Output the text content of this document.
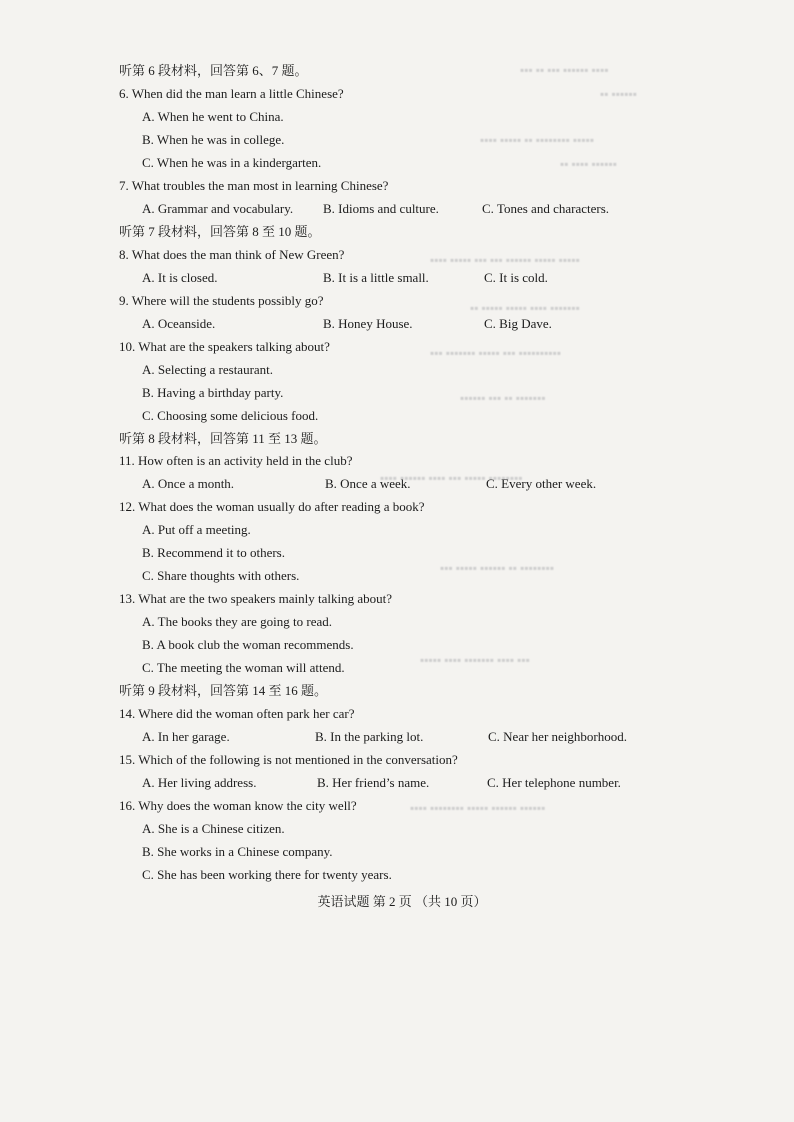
▪▪▪ ▪▪ ▪▪▪ ▪▪▪▪▪▪ ▪▪▪▪
▪▪ ▪▪▪▪▪▪
▪▪▪▪ ▪▪▪▪▪ ▪▪ ▪▪▪▪▪▪▪▪ ▪▪▪▪▪
▪▪ ▪▪▪▪ ▪▪▪▪▪▪
▪▪▪▪ ▪▪▪▪▪ ▪▪▪ ▪▪▪ ▪▪▪▪▪▪ ▪▪▪▪▪ ▪▪▪▪▪
▪▪ ▪▪▪▪▪ ▪▪▪▪▪ ▪▪▪▪ ▪▪▪▪▪▪▪
▪▪▪ ▪▪▪▪▪▪▪ ▪▪▪▪▪ ▪▪▪ ▪▪▪▪▪▪▪▪▪▪
▪▪▪▪▪▪ ▪▪▪ ▪▪ ▪▪▪▪▪▪▪
▪▪▪▪ ▪▪▪▪▪▪ ▪▪▪▪ ▪▪▪ ▪▪▪▪▪ ▪▪▪▪▪▪▪▪
▪▪▪ ▪▪▪▪▪ ▪▪▪▪▪▪ ▪▪ ▪▪▪▪▪▪▪▪
▪▪▪▪▪ ▪▪▪▪ ▪▪▪▪▪▪▪ ▪▪▪▪ ▪▪▪
▪▪▪▪ ▪▪▪▪▪▪▪▪ ▪▪▪▪▪ ▪▪▪▪▪▪ ▪▪▪▪▪▪
听第 6 段材料，回答第 6、7 题。
6. When did the man learn a little Chinese?
A. When he went to China.
B. When he was in college.
C. When he was in a kindergarten.
7. What troubles the man most in learning Chinese?
A. Grammar and vocabulary. B. Idioms and culture.	C. Tones and characters.
听第 7 段材料，回答第 8 至 10 题。
8. What does the man think of New Green?
A. It is closed.	B. It is a little small.	C. It is cold.
9. Where will the students possibly go?
A. Oceanside.	B. Honey House.	C. Big Dave.
10. What are the speakers talking about?
A. Selecting a restaurant.
B. Having a birthday party.
C. Choosing some delicious food.
听第 8 段材料，回答第 11 至 13 题。
11. How often is an activity held in the club?
A. Once a month.	B. Once a week.	C. Every other week.
12. What does the woman usually do after reading a book?
A. Put off a meeting.
B. Recommend it to others.
C. Share thoughts with others.
13. What are the two speakers mainly talking about?
A. The books they are going to read.
B. A book club the woman recommends.
C. The meeting the woman will attend.
听第 9 段材料，回答第 14 至 16 题。
14. Where did the woman often park her car?
A. In her garage.	B. In the parking lot.	C. Near her neighborhood.
15. Which of the following is not mentioned in the conversation?
A. Her living address.	B. Her friend’s name.	C. Her telephone number.
16. Why does the woman know the city well?
A. She is a Chinese citizen.
B. She works in a Chinese company.
C. She has been working there for twenty years.
英语试题 第 2 页 （共 10 页）
